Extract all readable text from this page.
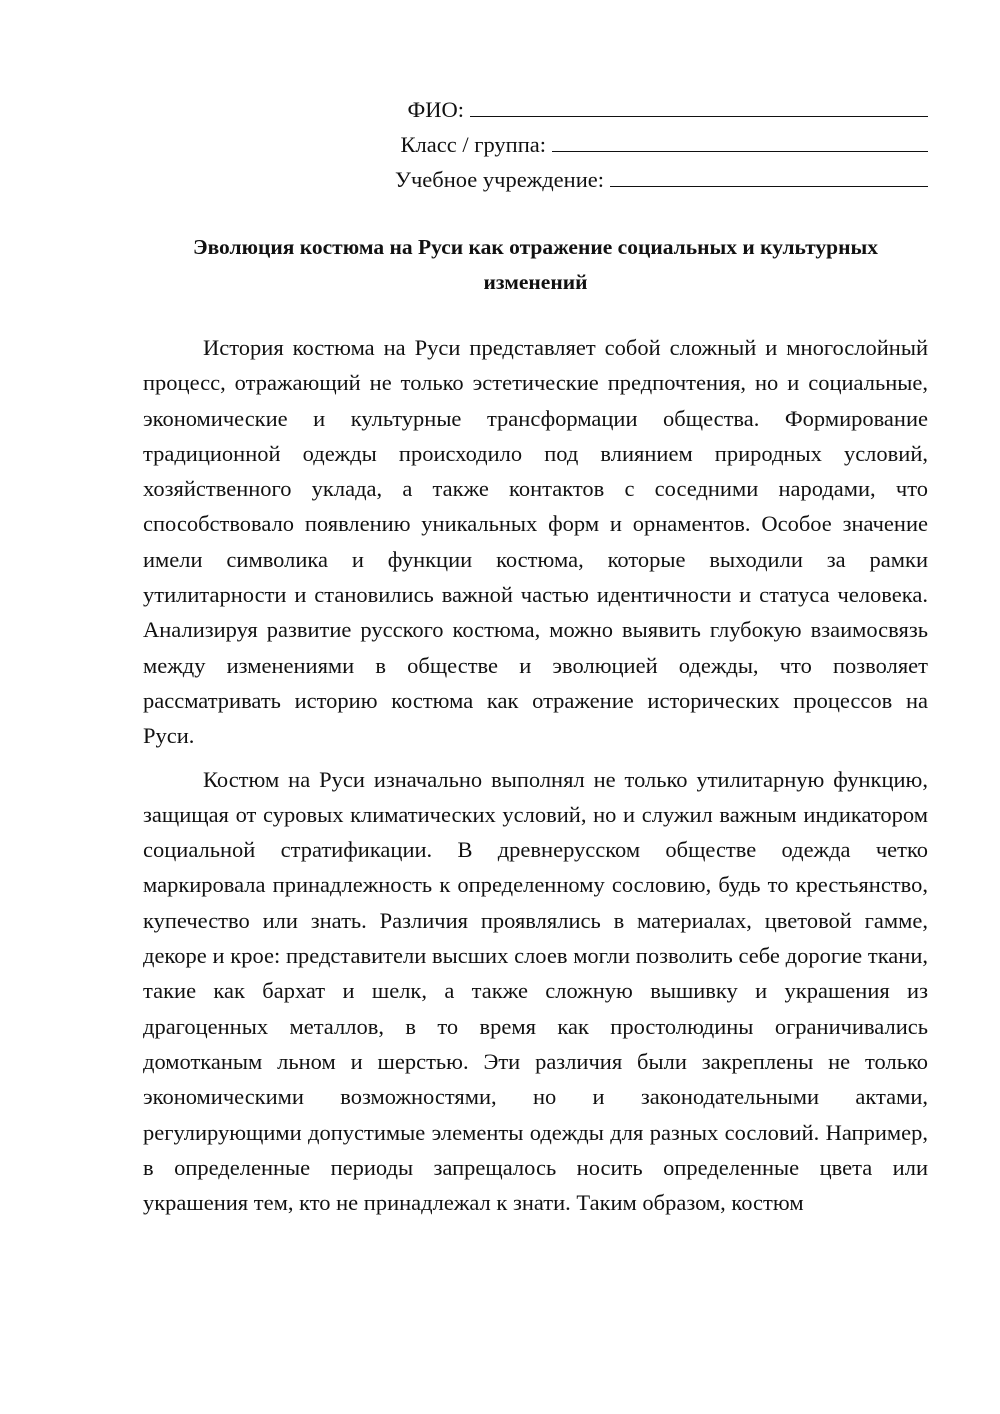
ФИО:
Класс / группа:
Учебное учреждение:
Эволюция костюма на Руси как отражение социальных и культурных изменений

История костюма на Руси представляет собой сложный и многослойный процесс, отражающий не только эстетические предпочтения, но и социальные, экономические и культурные трансформации общества. Формирование традиционной одежды происходило под влиянием природных условий, хозяйственного уклада, а также контактов с соседними народами, что способствовало появлению уникальных форм и орнаментов. Особое значение имели символика и функции костюма, которые выходили за рамки утилитарности и становились важной частью идентичности и статуса человека. Анализируя развитие русского костюма, можно выявить глубокую взаимосвязь между изменениями в обществе и эволюцией одежды, что позволяет рассматривать историю костюма как отражение исторических процессов на Руси.

Костюм на Руси изначально выполнял не только утилитарную функцию, защищая от суровых климатических условий, но и служил важным индикатором социальной стратификации. В древнерусском обществе одежда четко маркировала принадлежность к определенному сословию, будь то крестьянство, купечество или знать. Различия проявлялись в материалах, цветовой гамме, декоре и крое: представители высших слоев могли позволить себе дорогие ткани, такие как бархат и шелк, а также сложную вышивку и украшения из драгоценных металлов, в то время как простолюдины ограничивались домотканым льном и шерстью. Эти различия были закреплены не только экономическими возможностями, но и законодательными актами, регулирующими допустимые элементы одежды для разных сословий. Например, в определенные периоды запрещалось носить определенные цвета или украшения тем, кто не принадлежал к знати. Таким образом, костюм
